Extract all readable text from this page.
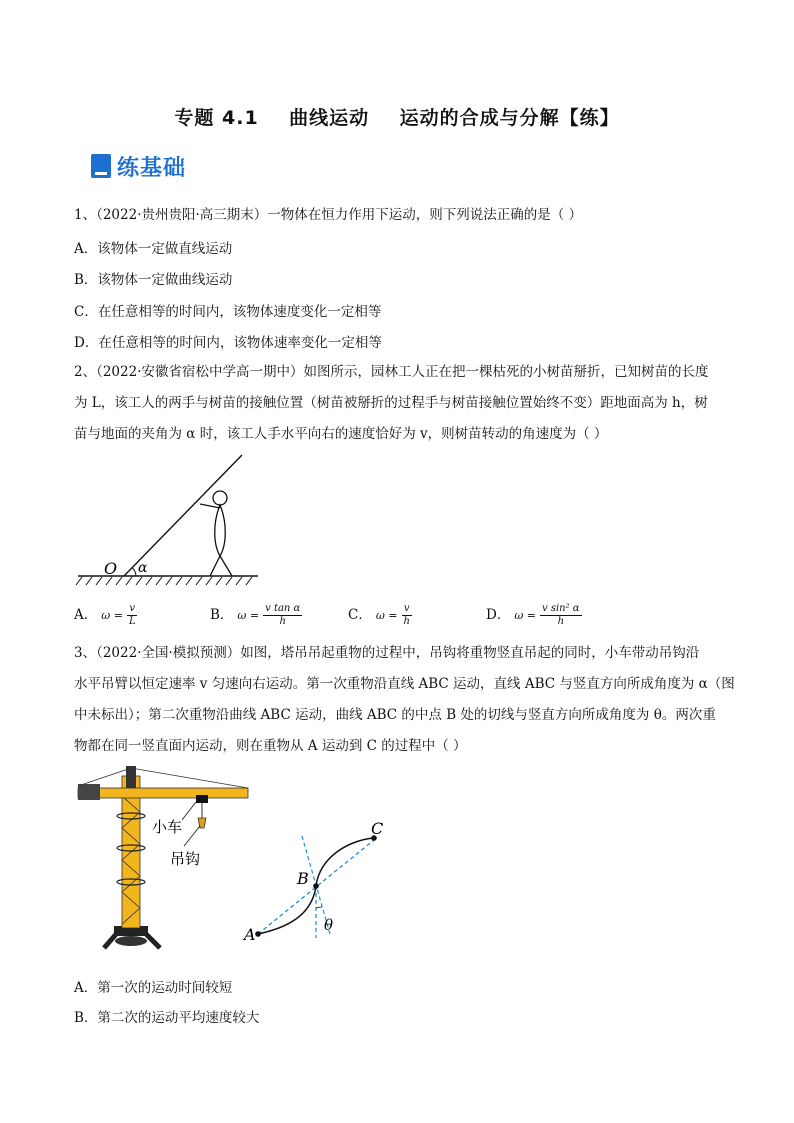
专题 4.1    曲线运动    运动的合成与分解【练】
练基础
1、（2022·贵州贵阳·高三期末）一物体在恒力作用下运动，则下列说法正确的是（ ）
A．该物体一定做直线运动
B．该物体一定做曲线运动
C．在任意相等的时间内，该物体速度变化一定相等
D．在任意相等的时间内，该物体速率变化一定相等
2、（2022·安徽省宿松中学高一期中）如图所示，园林工人正在把一棵枯死的小树苗掰折，已知树苗的长度
为 L，该工人的两手与树苗的接触位置（树苗被掰折的过程手与树苗接触位置始终不变）距地面高为 h，树
苗与地面的夹角为 α 时，该工人手水平向右的速度恰好为 v，则树苗转动的角速度为（ ）
O α
A． $\omega = \frac{v}{L}$	B． $\omega = \frac{\text{v tan α}}{h}$	C． $\omega = \frac{v}{h}$	D． $\omega = \frac{\text{v sin² α}}{h}$
3、（2022·全国·模拟预测）如图，塔吊吊起重物的过程中，吊钩将重物竖直吊起的同时，小车带动吊钩沿
水平吊臂以恒定速率 v 匀速向右运动。第一次重物沿直线 ABC 运动，直线 ABC 与竖直方向所成角度为 α（图
中未标出）；第二次重物沿曲线 ABC 运动，曲线 ABC 的中点 B 处的切线与竖直方向所成角度为 θ。两次重
物都在同一竖直面内运动，则在重物从 A 运动到 C 的过程中（ ）
小车
吊钩
A
B
C
θ
A．第一次的运动时间较短
B．第二次的运动平均速度较大
